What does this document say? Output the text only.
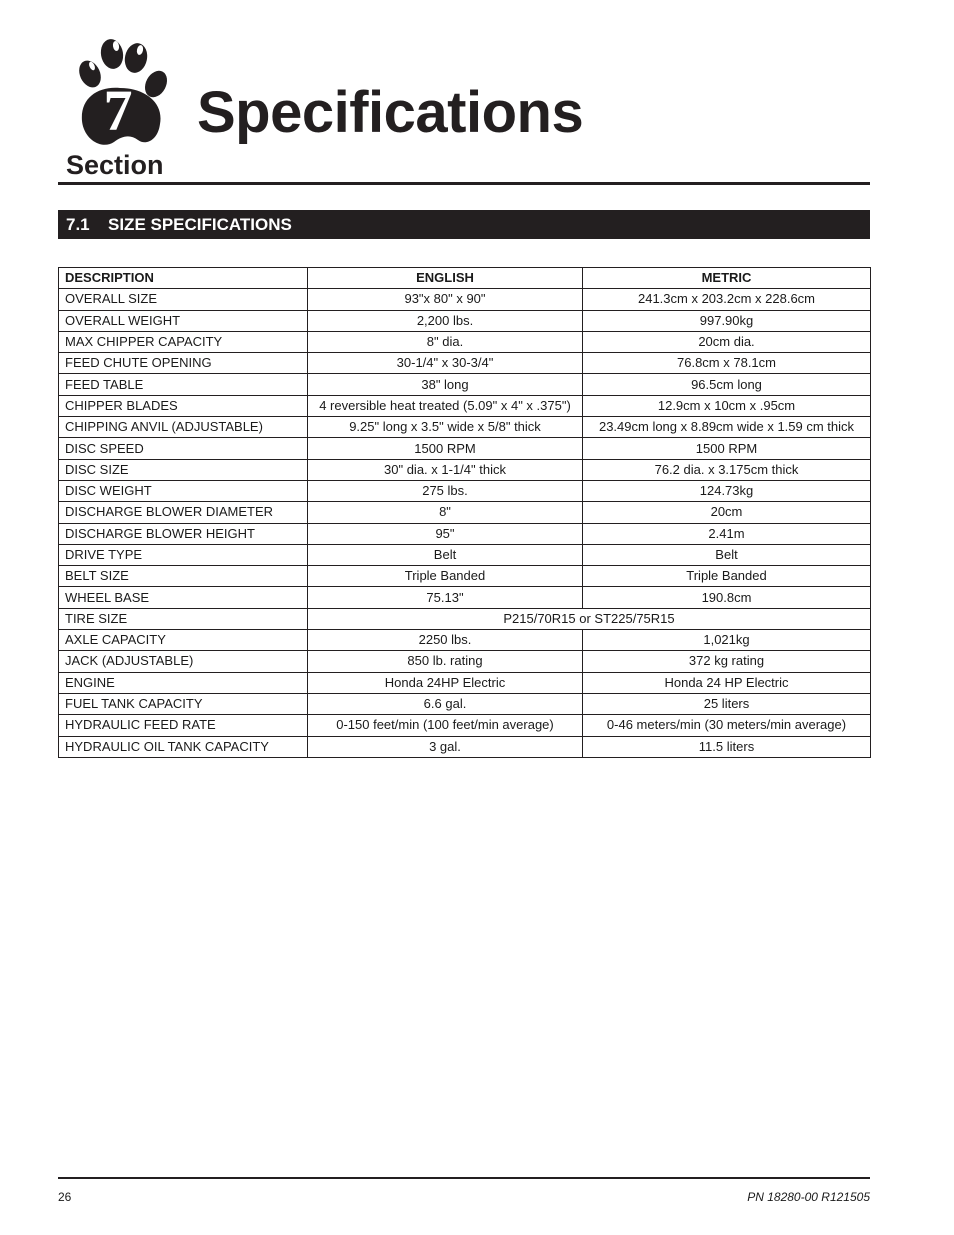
7 Specifications
Section
7.1 SIZE SPECIFICATIONS
DESCRIPTION	ENGLISH	METRIC
OVERALL SIZE	93"x 80" x 90"	241.3cm x 203.2cm x 228.6cm
OVERALL WEIGHT	2,200 lbs.	997.90kg
MAX CHIPPER CAPACITY	8" dia.	20cm dia.
FEED CHUTE OPENING	30-1/4" x 30-3/4"	76.8cm x 78.1cm
FEED TABLE	38" long	96.5cm long
CHIPPER BLADES	4 reversible heat treated (5.09" x 4" x .375")	12.9cm x 10cm x .95cm
CHIPPING ANVIL (ADJUSTABLE)	9.25" long x 3.5" wide x 5/8" thick	23.49cm long x 8.89cm wide x 1.59 cm thick
DISC SPEED	1500 RPM	1500 RPM
DISC SIZE	30" dia. x 1-1/4" thick	76.2 dia. x 3.175cm thick
DISC WEIGHT	275 lbs.	124.73kg
DISCHARGE BLOWER DIAMETER	8"	20cm
DISCHARGE BLOWER HEIGHT	95"	2.41m
DRIVE TYPE	Belt	Belt
BELT SIZE	Triple Banded	Triple Banded
WHEEL BASE	75.13"	190.8cm
TIRE SIZE	P215/70R15 or ST225/75R15	
AXLE CAPACITY	2250 lbs.	1,021kg
JACK (ADJUSTABLE)	850 lb. rating	372 kg rating
ENGINE	Honda 24HP Electric	Honda 24 HP Electric
FUEL TANK CAPACITY	6.6 gal.	25 liters
HYDRAULIC FEED RATE	0-150 feet/min (100 feet/min average)	0-46 meters/min (30 meters/min average)
HYDRAULIC OIL TANK CAPACITY	3 gal.	11.5 liters
26	PN 18280-00 R121505
